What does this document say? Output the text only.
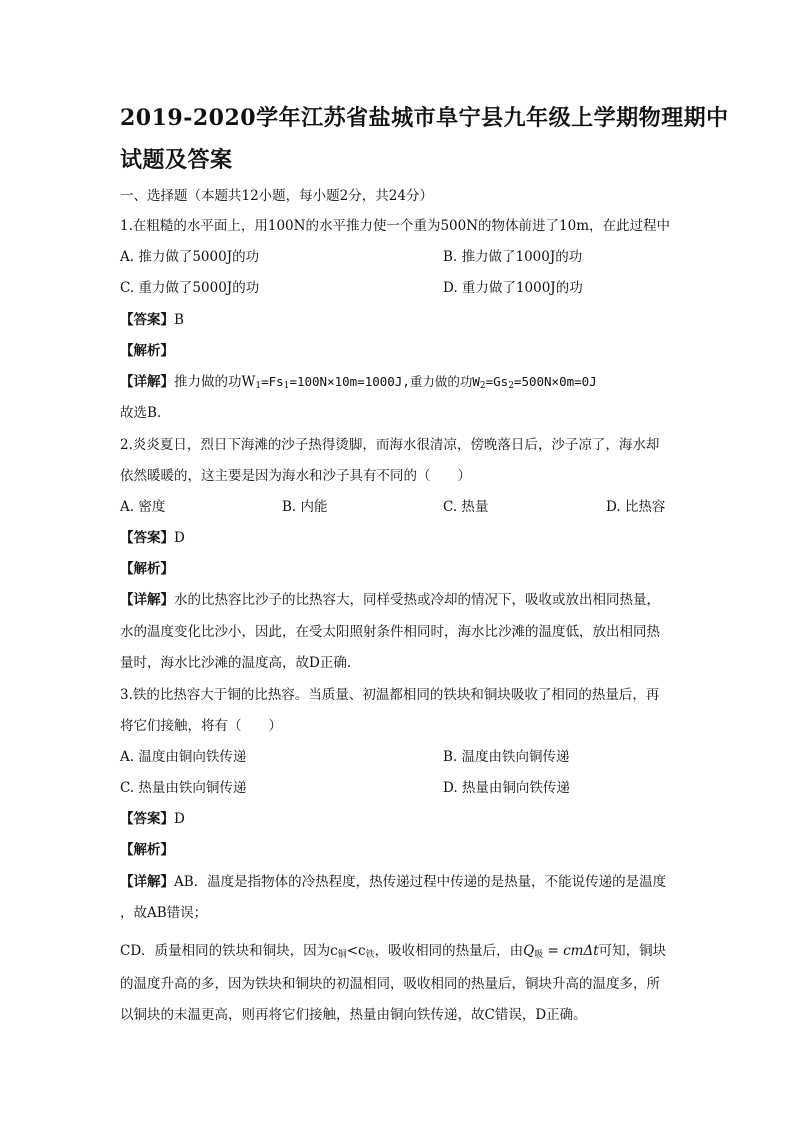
2019-2020学年江苏省盐城市阜宁县九年级上学期物理期中
试题及答案
一、选择题（本题共12小题，每小题2分，共24分）
1.在粗糙的水平面上，用100N的水平推力使一个重为500N的物体前进了10m，在此过程中
A. 推力做了5000J的功	B. 推力做了1000J的功
C. 重力做了5000J的功	D. 重力做了1000J的功
【答案】B
【解析】
【详解】推力做的功$W_1=Fs_1=100N\times 10m=1000J$,重力做的功$W_2=Gs_2=500N\times 0m=0J$
故选B.
2.炎炎夏日，烈日下海滩的沙子热得烫脚，而海水很清凉，傍晚落日后，沙子凉了，海水却
依然暖暖的，这主要是因为海水和沙子具有不同的（　　）
A. 密度	B. 内能	C. 热量	D. 比热容
【答案】D
【解析】
【详解】水的比热容比沙子的比热容大，同样受热或冷却的情况下，吸收或放出相同热量，
水的温度变化比沙小，因此，在受太阳照射条件相同时，海水比沙滩的温度低，放出相同热
量时，海水比沙滩的温度高，故D正确.
3.铁的比热容大于铜的比热容。当质量、初温都相同的铁块和铜块吸收了相同的热量后，再
将它们接触，将有（　　）
A. 温度由铜向铁传递	B. 温度由铁向铜传递
C. 热量由铁向铜传递	D. 热量由铜向铁传递
【答案】D
【解析】
【详解】AB．温度是指物体的冷热程度，热传递过程中传递的是热量，不能说传递的是温度
，故AB错误；
CD．质量相同的铁块和铜块，因为$c_铜<c_铁$，吸收相同的热量后，由$Q_吸 = cm\Delta t$可知，铜块
的温度升高的多，因为铁块和铜块的初温相同，吸收相同的热量后，铜块升高的温度多，所
以铜块的末温更高，则再将它们接触，热量由铜向铁传递，故C错误，D正确。
